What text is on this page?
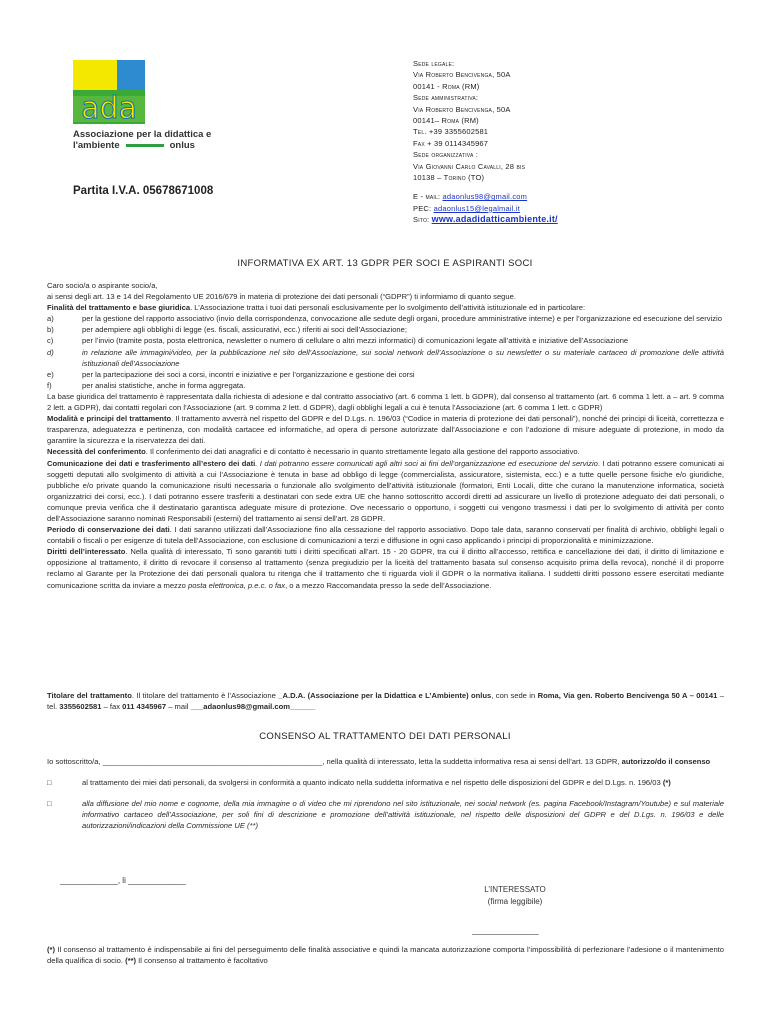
ada
Associazione per la didattica e
l'ambiente	onlus
Partita I.V.A. 05678671008
Sede legale:
Via Roberto Bencivenga, 50A
00141 - Roma (RM)
Sede amministrativa:
Via Roberto Bencivenga, 50A
00141– Roma (RM)
Tel. +39 3355602581
Fax + 39 0114345967
Sede organizzativa :
Via Giovanni Carlo Cavalli, 28 bis
10138 – Torino (TO)
E - mail: adaonlus98@gmail.com
PEC: adaonlus15@legalmail.it
Sito: www.adadidatticambiente.it/
INFORMATIVA EX ART. 13 GDPR PER SOCI E ASPIRANTI SOCI

Caro socio/a o aspirante socio/a,

ai sensi degli art. 13 e 14 del Regolamento UE 2016/679 in materia di protezione dei dati personali (“GDPR”) ti informiamo di quanto segue.

Finalità del trattamento e base giuridica. L’Associazione tratta i tuoi dati personali esclusivamente per lo svolgimento dell’attività istituzionale ed in particolare:

a)	per la gestione del rapporto associativo (invio della corrispondenza, convocazione alle sedute degli organi, procedure amministrative interne) e per l’organizzazione ed esecuzione del servizio
b)	per adempiere agli obblighi di legge (es. fiscali, assicurativi, ecc.) riferiti ai soci dell’Associazione;
c)	per l’invio (tramite posta, posta elettronica, newsletter o numero di cellulare o altri mezzi informatici) di comunicazioni legate all’attività e iniziative dell’Associazione
d)	in relazione alle immagini/video, per la pubblicazione nel sito dell’Associazione, sui social network dell’Associazione o su newsletter o su materiale cartaceo di promozione delle attività istituzionali dell’Associazione
e)	per la partecipazione dei soci a corsi, incontri e iniziative e per l’organizzazione e gestione dei corsi
f)	per analisi statistiche, anche in forma aggregata.

La base giuridica del trattamento è rappresentata dalla richiesta di adesione e dal contratto associativo (art. 6 comma 1 lett. b GDPR), dal consenso al trattamento (art. 6 comma 1 lett. a – art. 9 comma 2 lett. a GDPR), dai contatti regolari con l’Associazione (art. 9 comma 2 lett. d GDPR), dagli obblighi legali a cui è tenuta l’Associazione (art. 6 comma 1 lett. c GDPR)

Modalità e principi del trattamento. Il trattamento avverrà nel rispetto del GDPR e del D.Lgs. n. 196/03 (“Codice in materia di protezione dei dati personali”), nonché dei principi di liceità, correttezza e trasparenza, adeguatezza e pertinenza, con modalità cartacee ed informatiche, ad opera di persone autorizzate dall’Associazione e con l’adozione di misure adeguate di protezione, in modo da garantire la sicurezza e la riservatezza dei dati.

Necessità del conferimento. Il conferimento dei dati anagrafici e di contatto è necessario in quanto strettamente legato alla gestione del rapporto associativo.

Comunicazione dei dati e trasferimento all’estero dei dati. I dati potranno essere comunicati agli altri soci ai fini dell’organizzazione ed esecuzione del servizio. I dati potranno essere comunicati ai soggetti deputati allo svolgimento di attività a cui l’Associazione è tenuta in base ad obbligo di legge (commercialista, assicuratore, sistemista, ecc.) e a tutte quelle persone fisiche e/o giuridiche, pubbliche e/o private quando la comunicazione risulti necessaria o funzionale allo svolgimento dell’attività istituzionale (formatori, Enti Locali, ditte che curano la manutenzione informatica, società organizzatrici dei corsi, ecc.). I dati potranno essere trasferiti a destinatari con sede extra UE che hanno sottoscritto accordi diretti ad assicurare un livello di protezione adeguato dei dati personali, o comunque previa verifica che il destinatario garantisca adeguate misure di protezione. Ove necessario o opportuno, i soggetti cui vengono trasmessi i dati per lo svolgimento di attività per conto dell’Associazione saranno nominati Responsabili (esterni) del trattamento ai sensi dell’art. 28 GDPR.

Periodo di conservazione dei dati. I dati saranno utilizzati dall’Associazione fino alla cessazione del rapporto associativo. Dopo tale data, saranno conservati per finalità di archivio, obblighi legali o contabili o fiscali o per esigenze di tutela dell’Associazione, con esclusione di comunicazioni a terzi e diffusione in ogni caso applicando i principi di proporzionalità e minimizzazione.

Diritti dell’interessato. Nella qualità di interessato, Ti sono garantiti tutti i diritti specificati all’art. 15 - 20 GDPR, tra cui il diritto all’accesso, rettifica e cancellazione dei dati, il diritto di limitazione e opposizione al trattamento, il diritto di revocare il consenso al trattamento (senza pregiudizio per la liceità del trattamento basata sul consenso acquisito prima della revoca), nonché il di proporre reclamo al Garante per la Protezione dei dati personali qualora tu ritenga che il trattamento che ti riguarda violi il GDPR o la normativa italiana. I suddetti diritti possono essere esercitati mediante comunicazione scritta da inviare a mezzo posta elettronica, p.e.c. o fax, o a mezzo Raccomandata presso la sede dell’Associazione.

Titolare del trattamento. Il titolare del trattamento è l’Associazione _A.D.A. (Associazione per la Didattica e L’Ambiente) onlus, con sede in Roma, Via gen. Roberto Bencivenga 50 A – 00141 – tel. 3355602581 – fax 011 4345967 – mail ___adaonlus98@gmail.com______

CONSENSO AL TRATTAMENTO DEI DATI PERSONALI

Io sottoscritto/a, ____________________________________________________, nella qualità di interessato, letta la suddetta informativa resa ai sensi dell’art. 13 GDPR, autorizzo/do il consenso

□	al trattamento dei miei dati personali, da svolgersi in conformità a quanto indicato nella suddetta informativa e nel rispetto delle disposizioni del GDPR e del D.Lgs. n. 196/03 (*)
□	alla diffusione del mio nome e cognome, della mia immagine o di video che mi riprendono nel sito istituzionale, nei social network (es. pagina Facebook/Instagram/Youtube) e sul materiale informativo cartaceo dell’Associazione, per soli fini di descrizione e promozione dell’attività istituzionale, nel rispetto delle disposizioni del GDPR e del D.Lgs. n. 196/03 e delle autorizzazioni/indicazioni della Commissione UE (**)
_____________, li _____________
L’INTERESSATO
(firma leggibile)
_______________

(*) Il consenso al trattamento è indispensabile ai fini del perseguimento delle finalità associative e quindi la mancata autorizzazione comporta l’impossibilità di perfezionare l’adesione o il mantenimento della qualifica di socio. (**) Il consenso al trattamento è facoltativo
